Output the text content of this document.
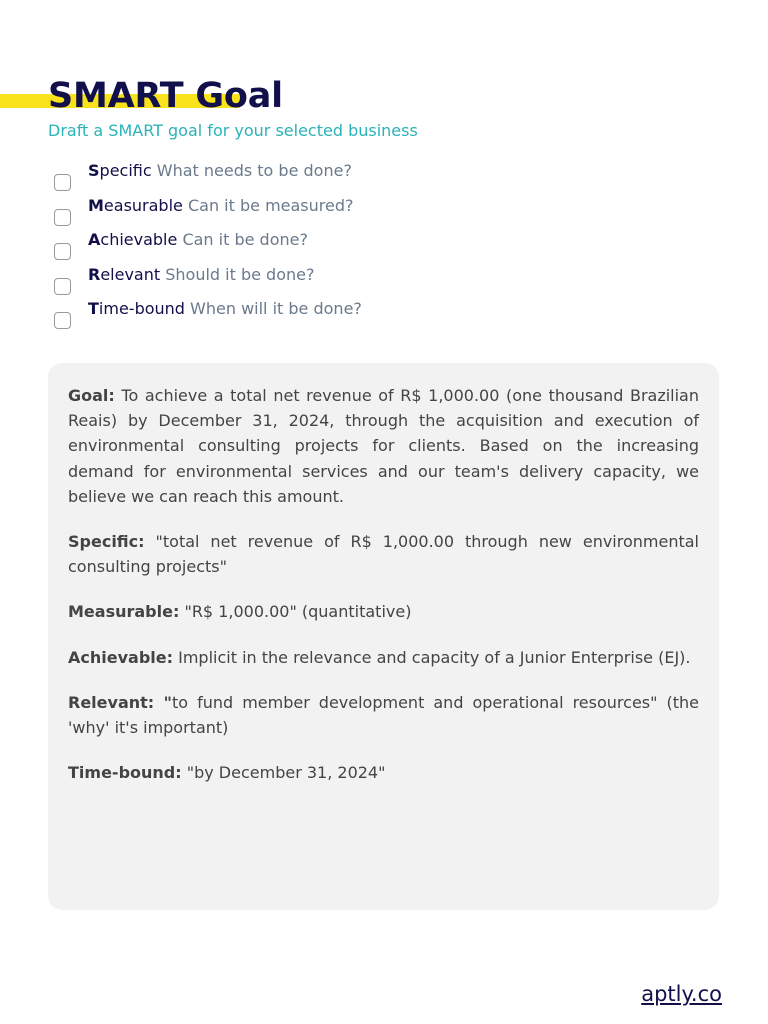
SMART Goal

Draft a SMART goal for your selected business

Specific What needs to be done?
Measurable Can it be measured?
Achievable Can it be done?
Relevant Should it be done?
Time-bound When will it be done?

Goal: To achieve a total net revenue of R$ 1,000.00 (one thousand Brazilian Reais) by December 31, 2024, through the acquisition and execution of environmental consulting projects for clients. Based on the increasing demand for environmental services and our team's delivery capacity, we believe we can reach this amount.

Specific: "total net revenue of R$ 1,000.00 through new environmental consulting projects"

Measurable: "R$ 1,000.00" (quantitative)

Achievable: Implicit in the relevance and capacity of a Junior Enterprise (EJ).

Relevant: "to fund member development and operational resources" (the 'why' it's important)

Time-bound: "by December 31, 2024"

aptly.co
